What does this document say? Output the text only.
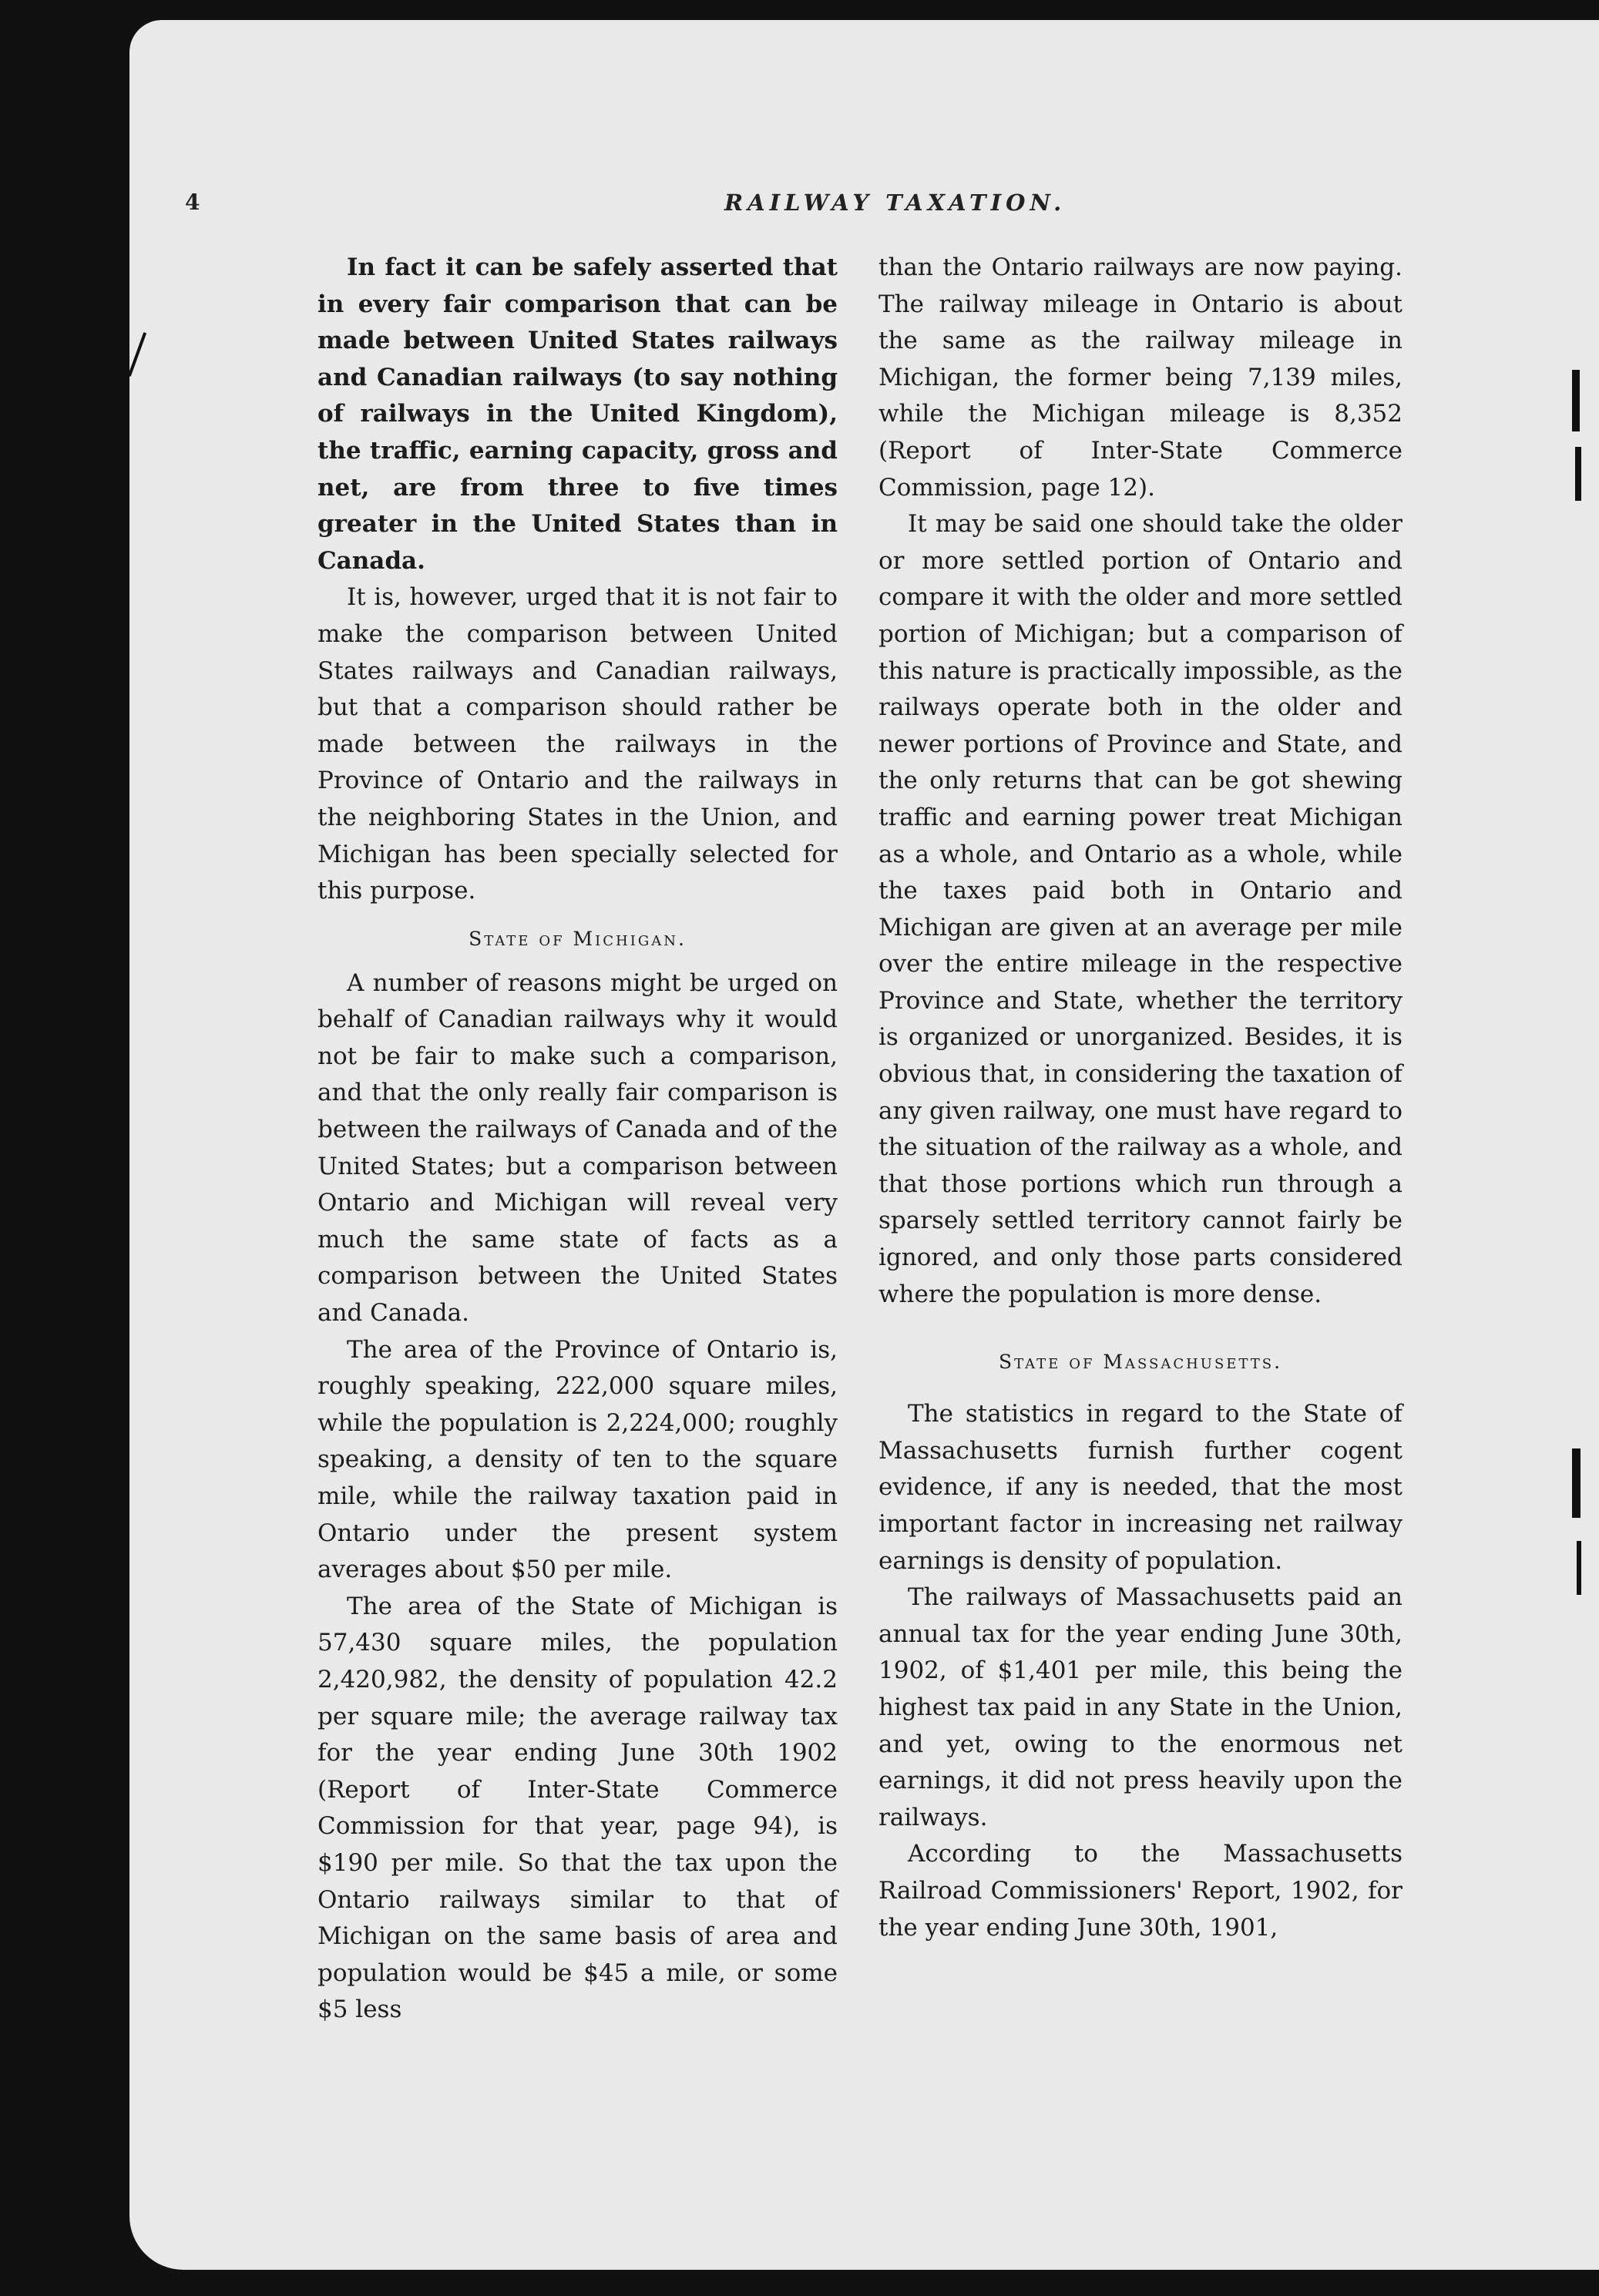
4	RAILWAY TAXATION.

In fact it can be safely asserted that in every fair comparison that can be made between United States railways and Canadian railways (to say nothing of railways in the United Kingdom), the traffic, earning capacity, gross and net, are from three to five times greater in the United States than in Canada.

It is, however, urged that it is not fair to make the comparison between United States railways and Canadian railways, but that a comparison should rather be made between the railways in the Province of Ontario and the railways in the neighboring States in the Union, and Michigan has been specially selected for this purpose.

State of Michigan.

A number of reasons might be urged on behalf of Canadian railways why it would not be fair to make such a comparison, and that the only really fair comparison is between the railways of Canada and of the United States; but a comparison between Ontario and Michigan will reveal very much the same state of facts as a comparison between the United States and Canada.

The area of the Province of Ontario is, roughly speaking, 222,000 square miles, while the population is 2,224,000; roughly speaking, a density of ten to the square mile, while the railway taxation paid in Ontario under the present system averages about $50 per mile.

The area of the State of Michigan is 57,430 square miles, the population 2,420,982, the density of population 42.2 per square mile; the average railway tax for the year ending June 30th 1902 (Report of Inter-State Commerce Commission for that year, page 94), is $190 per mile. So that the tax upon the Ontario railways similar to that of Michigan on the same basis of area and population would be $45 a mile, or some $5 less

than the Ontario railways are now paying. The railway mileage in Ontario is about the same as the railway mileage in Michigan, the former being 7,139 miles, while the Michigan mileage is 8,352 (Report of Inter-State Commerce Commission, page 12).

It may be said one should take the older or more settled portion of Ontario and compare it with the older and more settled portion of Michigan; but a comparison of this nature is practically impossible, as the railways operate both in the older and newer portions of Province and State, and the only returns that can be got shewing traffic and earning power treat Michigan as a whole, and Ontario as a whole, while the taxes paid both in Ontario and Michigan are given at an average per mile over the entire mileage in the respective Province and State, whether the territory is organized or unorganized. Besides, it is obvious that, in considering the taxation of any given railway, one must have regard to the situation of the railway as a whole, and that those portions which run through a sparsely settled territory cannot fairly be ignored, and only those parts considered where the population is more dense.

State of Massachusetts.

The statistics in regard to the State of Massachusetts furnish further cogent evidence, if any is needed, that the most important factor in increasing net railway earnings is density of population.

The railways of Massachusetts paid an annual tax for the year ending June 30th, 1902, of $1,401 per mile, this being the highest tax paid in any State in the Union, and yet, owing to the enormous net earnings, it did not press heavily upon the railways.

According to the Massachusetts Railroad Commissioners' Report, 1902, for the year ending June 30th, 1901,
